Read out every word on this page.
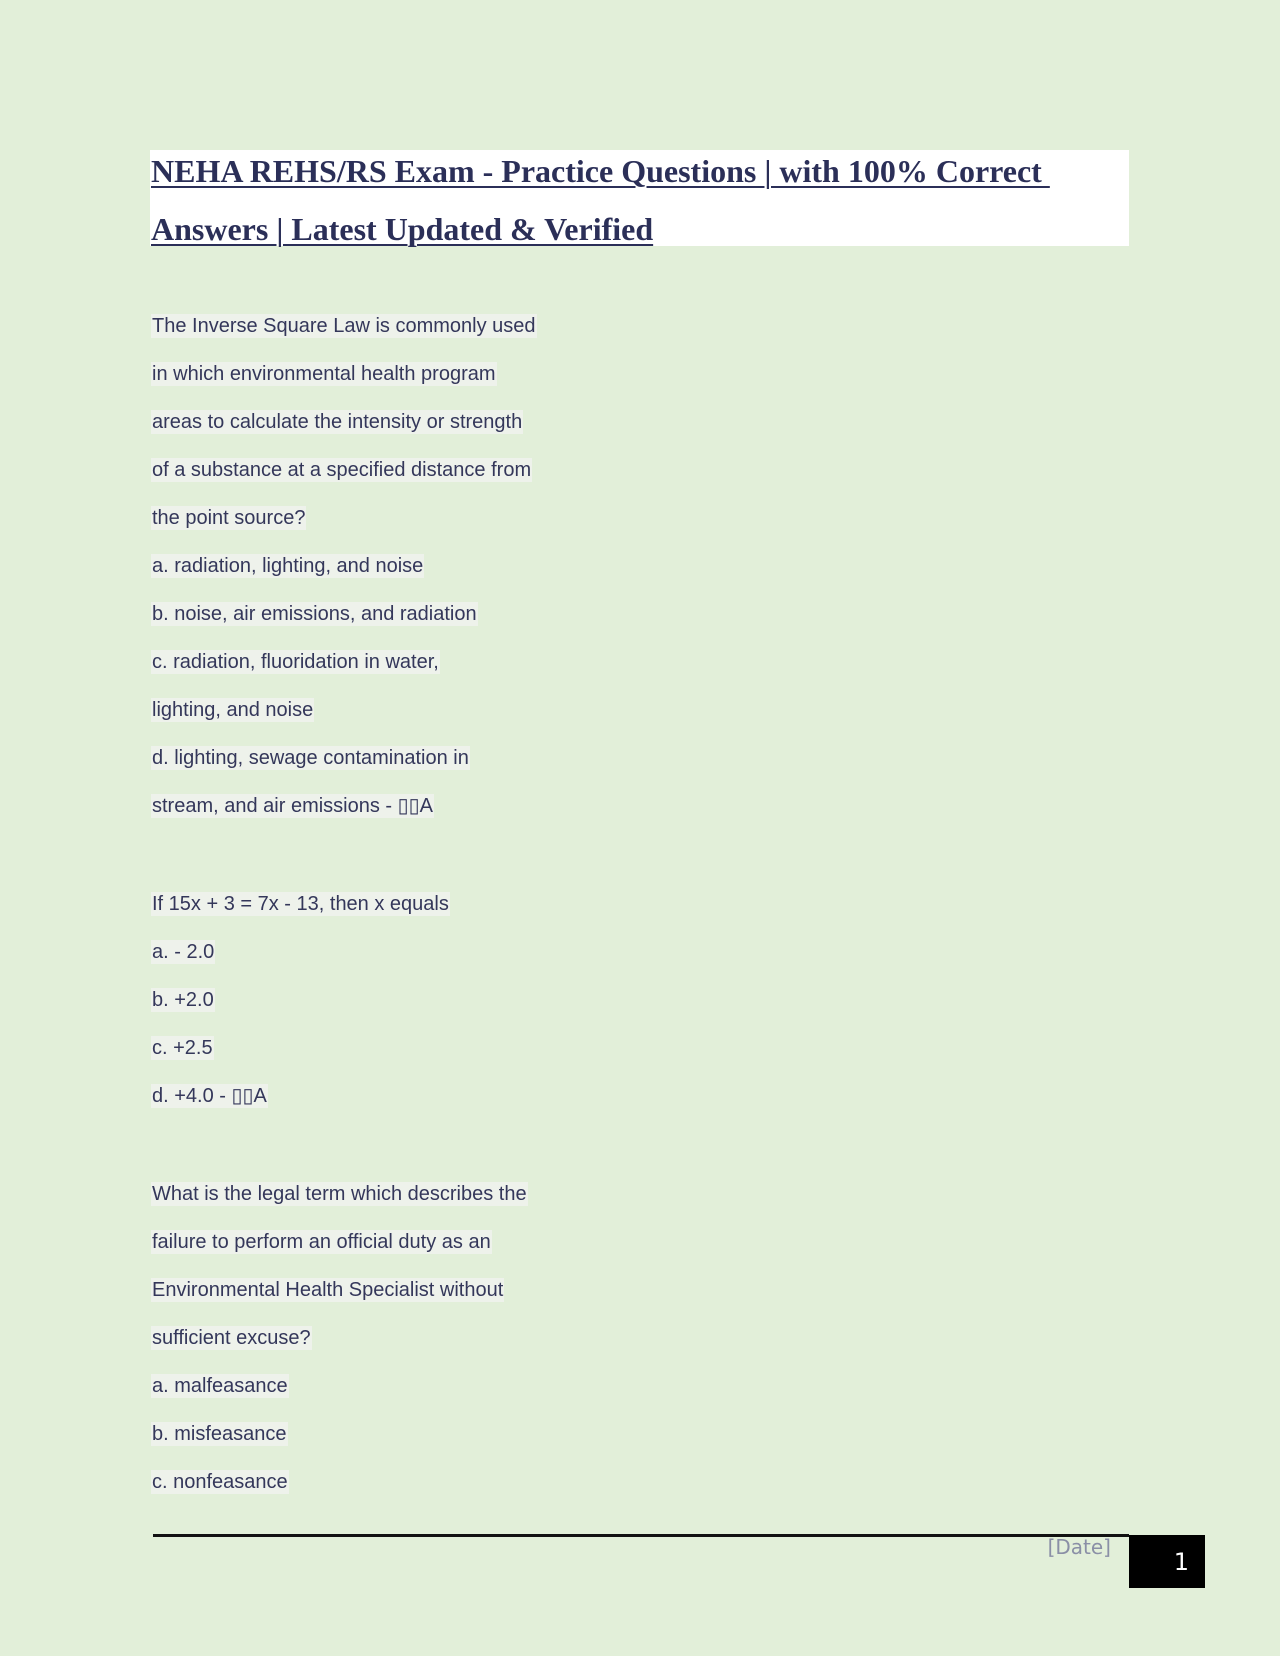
NEHA REHS/RS Exam - Practice Questions | with 100% Correct
Answers | Latest Updated & Verified
The Inverse Square Law is commonly used
in which environmental health program
areas to calculate the intensity or strength
of a substance at a specified distance from
the point source?
a. radiation, lighting, and noise
b. noise, air emissions, and radiation
c. radiation, fluoridation in water,
lighting, and noise
d. lighting, sewage contamination in
stream, and air emissions - ▯▯A
If 15x + 3 = 7x - 13, then x equals
a. - 2.0
b. +2.0
c. +2.5
d. +4.0 - ▯▯A
What is the legal term which describes the
failure to perform an official duty as an
Environmental Health Specialist without
sufficient excuse?
a. malfeasance
b. misfeasance
c. nonfeasance
[Date]
1
